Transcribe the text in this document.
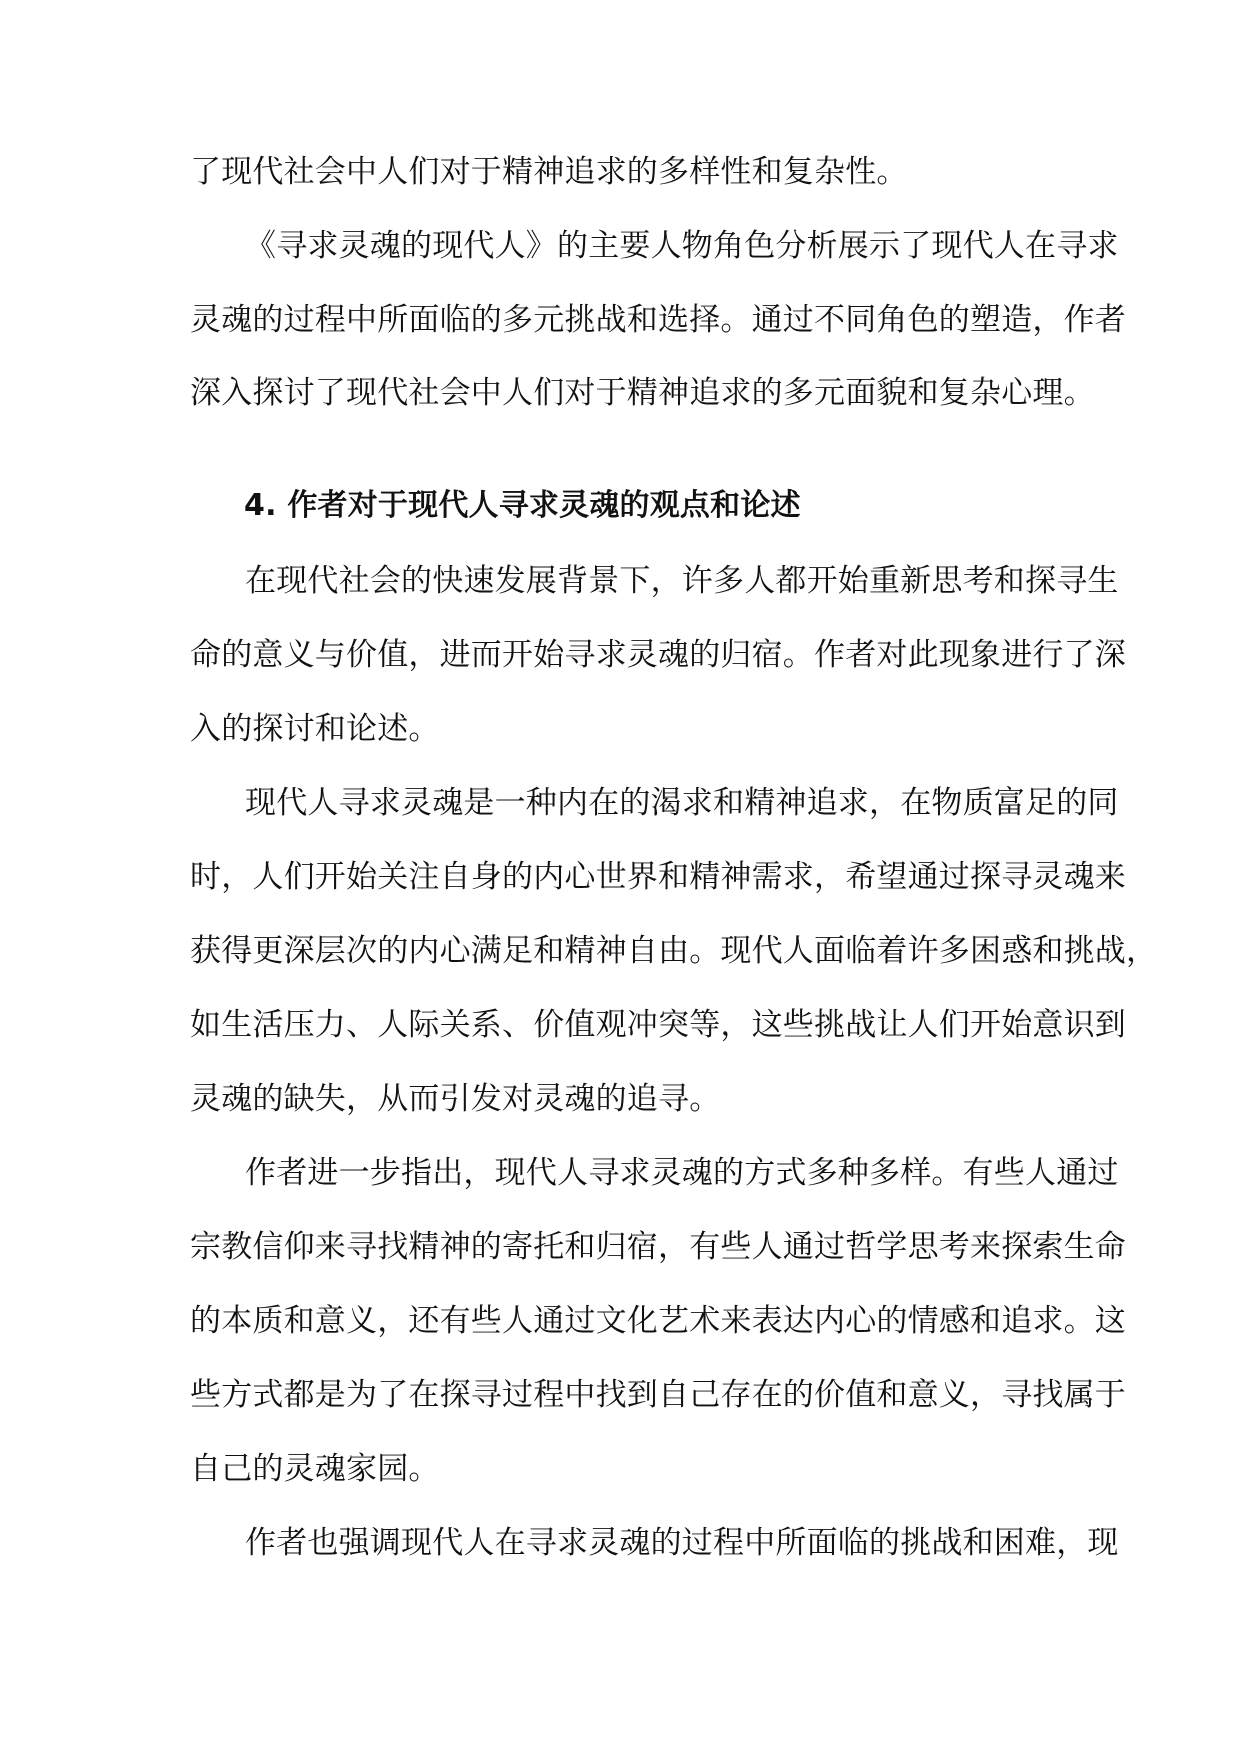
了现代社会中人们对于精神追求的多样性和复杂性。
《寻求灵魂的现代人》的主要人物角色分析展示了现代人在寻求
灵魂的过程中所面临的多元挑战和选择。通过不同角色的塑造，作者
深入探讨了现代社会中人们对于精神追求的多元面貌和复杂心理。
4. 作者对于现代人寻求灵魂的观点和论述
在现代社会的快速发展背景下，许多人都开始重新思考和探寻生
命的意义与价值，进而开始寻求灵魂的归宿。作者对此现象进行了深
入的探讨和论述。
现代人寻求灵魂是一种内在的渴求和精神追求，在物质富足的同
时，人们开始关注自身的内心世界和精神需求，希望通过探寻灵魂来
获得更深层次的内心满足和精神自由。现代人面临着许多困惑和挑战，
如生活压力、人际关系、价值观冲突等，这些挑战让人们开始意识到
灵魂的缺失，从而引发对灵魂的追寻。
作者进一步指出，现代人寻求灵魂的方式多种多样。有些人通过
宗教信仰来寻找精神的寄托和归宿，有些人通过哲学思考来探索生命
的本质和意义，还有些人通过文化艺术来表达内心的情感和追求。这
些方式都是为了在探寻过程中找到自己存在的价值和意义，寻找属于
自己的灵魂家园。
作者也强调现代人在寻求灵魂的过程中所面临的挑战和困难，现
